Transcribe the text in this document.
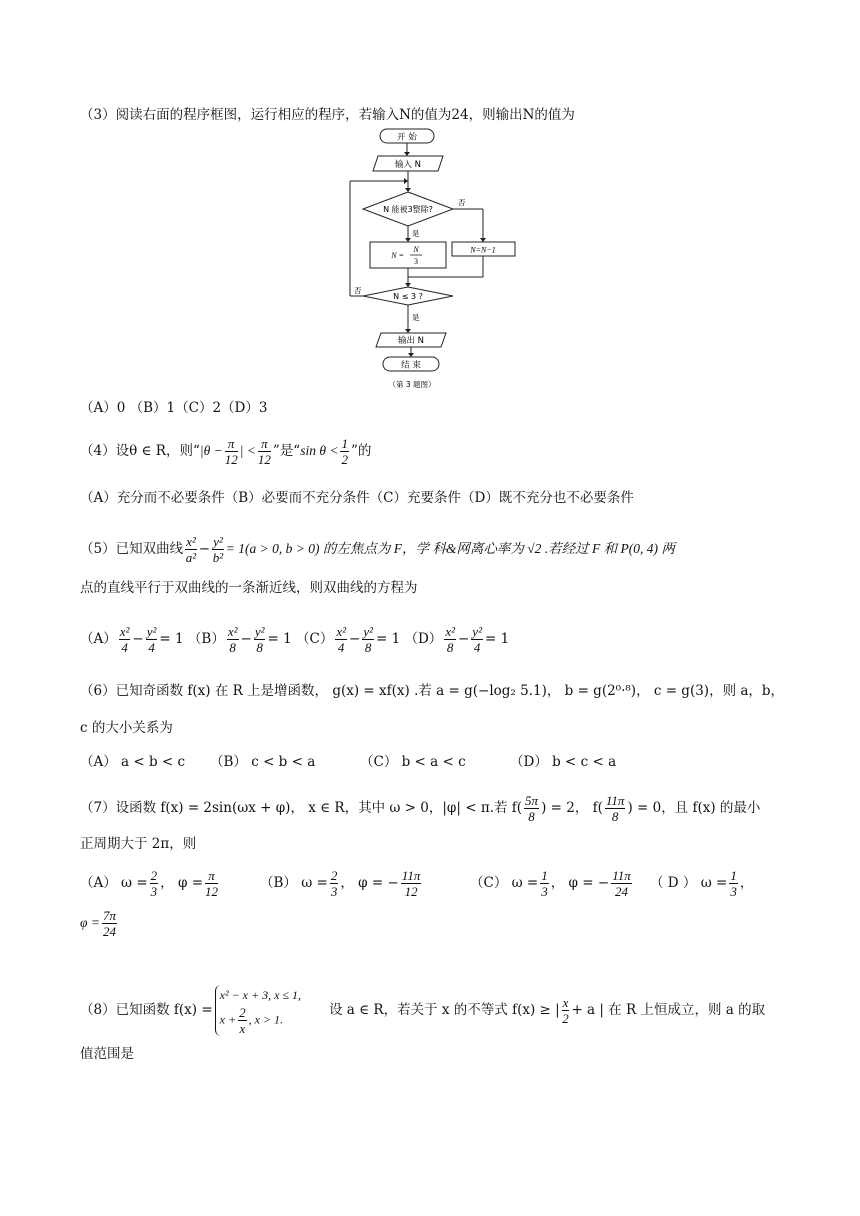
（3）阅读右面的程序框图，运行相应的程序，若输入N的值为24，则输出N的值为
开 始
输入 N
否
N 能被3整除?
否
N=N−1
是
N =
N
3
N ≤ 3 ?
是
输出 N
结 束
（第 3 题图）
（A）0 （B）1（C）2（D）3
（4）设θ ∈ R，则“$|\theta - \frac{\pi}{12}$ | < $\frac{\pi}{12}$ ”是“sin $\theta < \frac{1}{2}$ ”的
（A）充分而不必要条件（B）必要而不充分条件（C）充要条件（D）既不充分也不必要条件
（5）已知双曲线 $\frac{\text{x²}}{\text{a²}} - \frac{\text{y²}}{\text{b²}} = 1(a > 0$, b > 0) 的左焦点为 F，学 科&网离心率为 √2 .若经过 F 和 P(0, 4) 两
点的直线平行于双曲线的一条渐近线，则双曲线的方程为
$(A) \frac{\text{x²}}{4} - \frac{\text{y²}}{4} = 1$ $(B) \frac{\text{x²}}{8} - \frac{\text{y²}}{8} = 1$ $(C) \frac{\text{x²}}{4} - \frac{\text{y²}}{8} = 1$ $(D) \frac{\text{x²}}{8} - \frac{\text{y²}}{4} = 1$
（6）已知奇函数 f(x) 在 R 上是增函数， g(x) = xf(x) .若 a = g(−log₂ 5.1)， b = g(2⁰·⁸)， c = g(3)，则 a，b，
c 的大小关系为
（A） a < b < c （B） c < b < a	（C） b < a < c	（D） b < c < a
（7）设函数 f(x) = 2sin(ωx + φ)， x ∈ R，其中 ω > 0，|φ| < π.若 $f( \frac{5\pi}{8}$ ) = 2， $f( \frac{11\pi}{8}$ ) = 0，且 f(x) 的最小
正周期大于 2π，则
（A） $\omega = \frac{2}{3}$ ， $\varphi = \frac{\pi}{12}$	（B） $\omega = \frac{2}{3}$ ， φ = − $\frac{11\pi}{12}$	（C） $\omega = \frac{1}{3}$ ， φ = − $\frac{11\pi}{24}$ （ D ） $\omega = \frac{1}{3}$ ，
$\varphi = \frac{7\pi}{24}$
（8）已知函数 f(x) =
x² − x + 3, x ≤ 1,
$x + \frac{2}{x}$ , x > 1.
设 a ∈ R，若关于 x 的不等式 f(x) ≥ | $\frac{x}{2} + a$ | 在 R 上恒成立，则 a 的取
值范围是
